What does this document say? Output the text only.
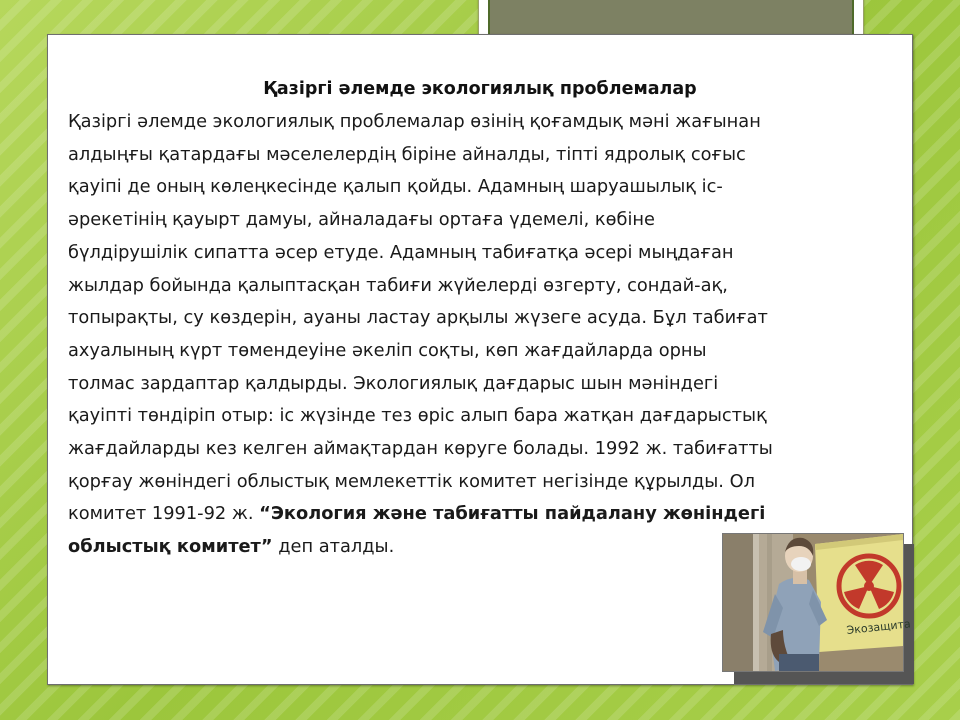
Қазіргі әлемде экологиялық проблемалар
Қазіргі әлемде экологиялық проблемалар өзінің қоғамдық мәні жағынан
алдыңғы қатардағы мәселелердің біріне айналды, тіпті ядролық соғыс
қауіпі де оның көлеңкесінде қалып қойды. Адамның шаруашылық іс-
әрекетінің қауырт дамуы, айналадағы ортаға үдемелі, көбіне
бүлдірушілік сипатта әсер етуде. Адамның табиғатқа әсері мыңдаған
жылдар бойында қалыптасқан табиғи жүйелерді өзгерту, сондай-ақ,
топырақты, су көздерін, ауаны ластау арқылы жүзеге асуда. Бұл табиғат
ахуалының күрт төмендеуіне әкеліп соқты, көп жағдайларда орны
толмас зардаптар қалдырды. Экологиялық дағдарыс шын мәніндегі
қауіпті төндіріп отыр: іс жүзінде тез өріс алып бара жатқан дағдарыстық
жағдайларды кез келген аймақтардан көруге болады. 1992 ж. табиғатты
қорғау жөніндегі облыстық мемлекеттік комитет негізінде құрылды. Ол
комитет 1991-92 ж. “Экология және табиғатты пайдалану жөніндегі
облыстық комитет” деп аталды.
Экозащита
